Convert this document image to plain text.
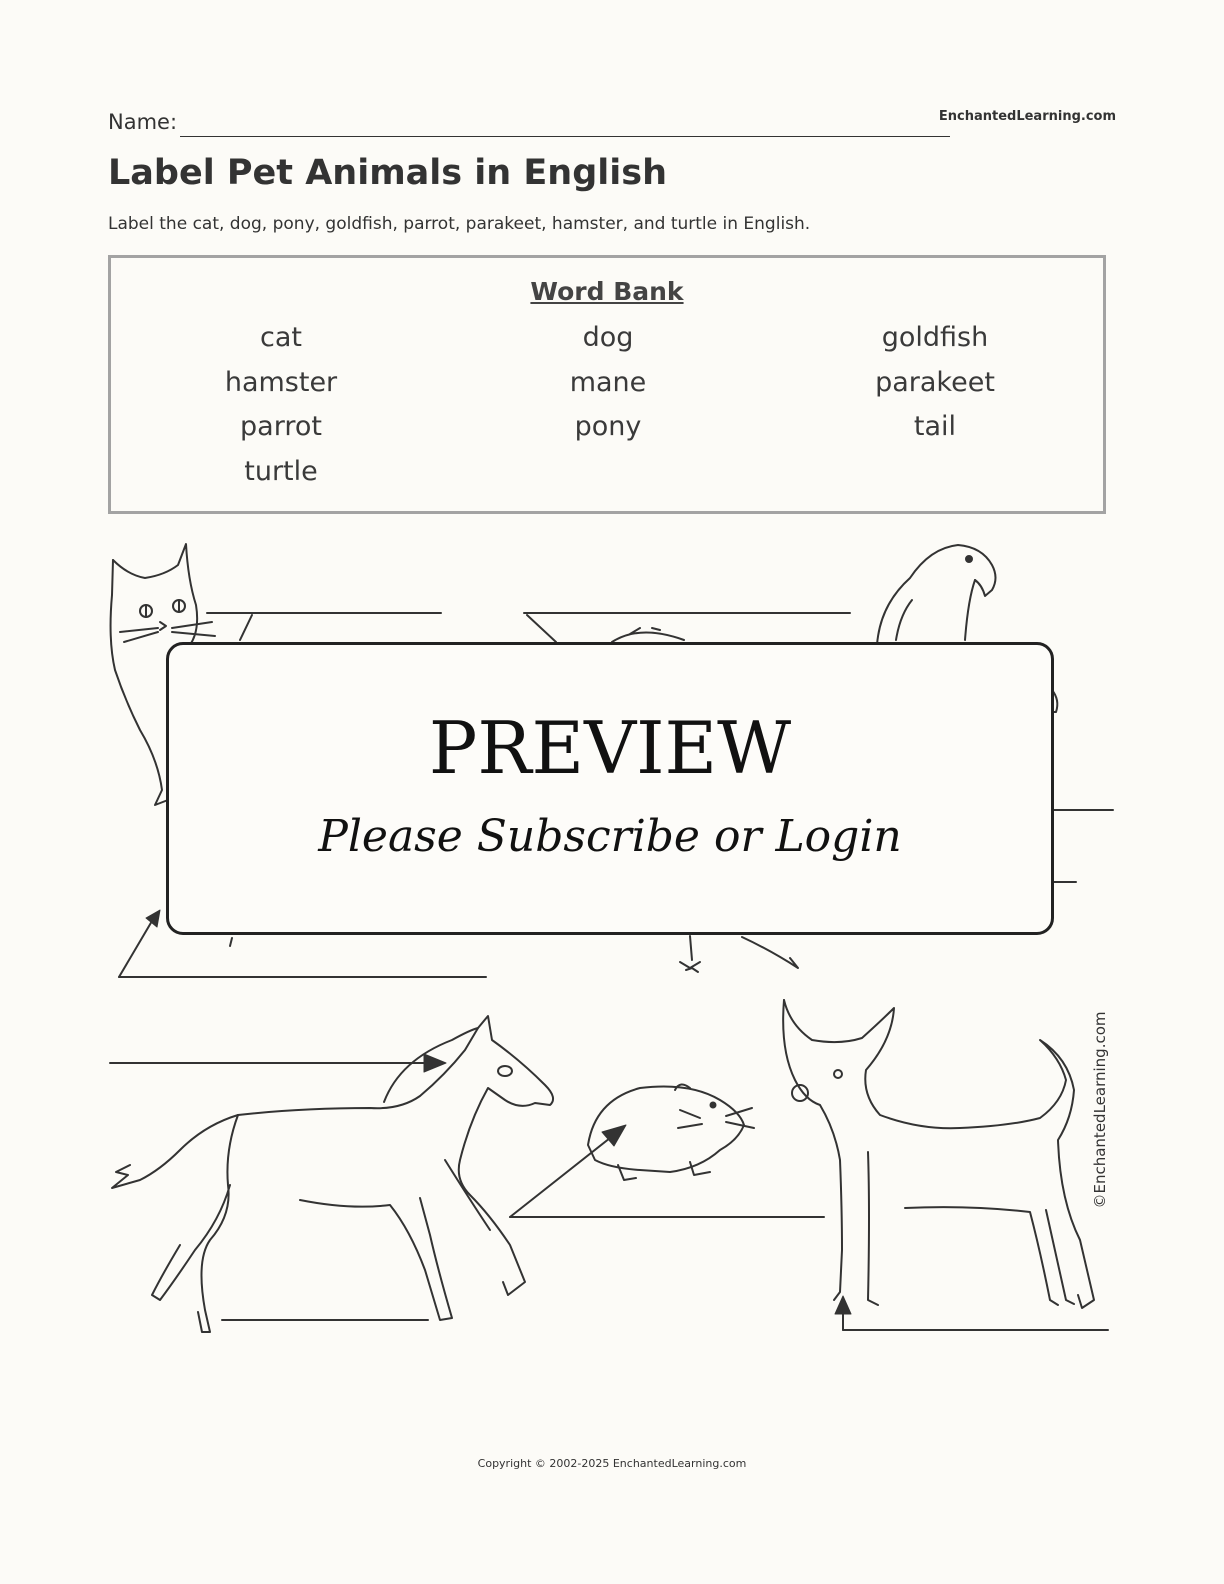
Name:	EnchantedLearning.com
Label Pet Animals in English
Label the cat, dog, pony, goldfish, parrot, parakeet, hamster, and turtle in English.
Word Bank
cat
hamster
parrot
turtle
dog
mane
pony
goldfish
parakeet
tail
©EnchantedLearning.com
PREVIEW
Please Subscribe or Login
Copyright © 2002-2025 EnchantedLearning.com
